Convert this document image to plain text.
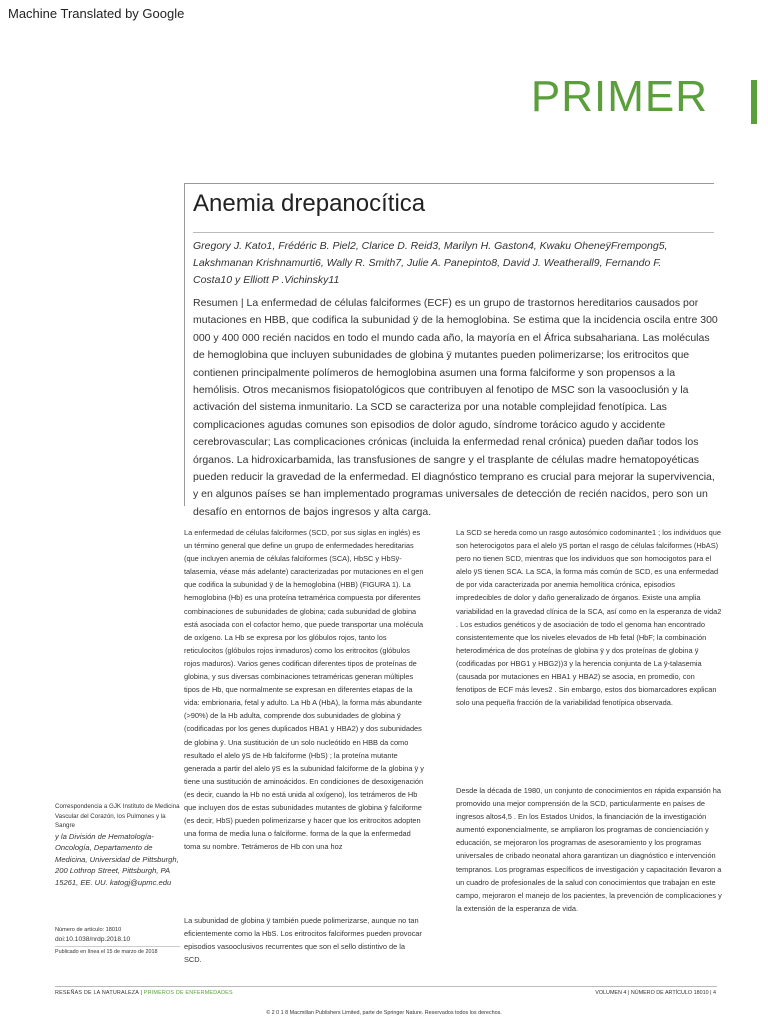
Machine Translated by Google
PRIMER
Anemia drepanocítica
Gregory J. Kato1, Frédéric B. Piel2, Clarice D. Reid3, Marilyn H. Gaston4, Kwaku OheneÿFrempong5, Lakshmanan Krishnamurti6, Wally R. Smith7, Julie A. Panepinto8, David J. Weatherall9, Fernando F. Costa10 y Elliott P .Vichinsky11
Resumen | La enfermedad de células falciformes (ECF) es un grupo de trastornos hereditarios causados por mutaciones en HBB, que codifica la subunidad ÿ de la hemoglobina. Se estima que la incidencia oscila entre 300 000 y 400 000 recién nacidos en todo el mundo cada año, la mayoría en el África subsahariana. Las moléculas de hemoglobina que incluyen subunidades de globina ÿ mutantes pueden polimerizarse; los eritrocitos que contienen principalmente polímeros de hemoglobina asumen una forma falciforme y son propensos a la hemólisis. Otros mecanismos fisiopatológicos que contribuyen al fenotipo de MSC son la vasooclusión y la activación del sistema inmunitario. La SCD se caracteriza por una notable complejidad fenotípica. Las complicaciones agudas comunes son episodios de dolor agudo, síndrome torácico agudo y accidente cerebrovascular; Las complicaciones crónicas (incluida la enfermedad renal crónica) pueden dañar todos los órganos. La hidroxicarbamida, las transfusiones de sangre y el trasplante de células madre hematopoyéticas pueden reducir la gravedad de la enfermedad. El diagnóstico temprano es crucial para mejorar la supervivencia, y en algunos países se han implementado programas universales de detección de recién nacidos, pero son un desafío en entornos de bajos ingresos y alta carga.

La enfermedad de células falciformes (SCD, por sus siglas en inglés) es un término general que define un grupo de enfermedades hereditarias (que incluyen anemia de células falciformes (SCA), HbSC y HbSÿ-talasemia, véase más adelante) caracterizadas por mutaciones en el gen que codifica la subunidad ÿ de la hemoglobina (HBB) (FIGURA 1). La hemoglobina (Hb) es una proteína tetramérica compuesta por diferentes combinaciones de subunidades de globina; cada subunidad de globina está asociada con el cofactor hemo, que puede transportar una molécula de oxígeno. La Hb se expresa por los glóbulos rojos, tanto los reticulocitos (glóbulos rojos inmaduros) como los eritrocitos (glóbulos rojos maduros). Varios genes codifican diferentes tipos de proteínas de globina, y sus diversas combinaciones tetraméricas generan múltiples tipos de Hb, que normalmente se expresan en diferentes etapas de la vida: embrionaria, fetal y adulto. La Hb A (HbA), la forma más abundante (>90%) de la Hb adulta, comprende dos subunidades de globina ÿ (codificadas por los genes duplicados HBA1 y HBA2) y dos subunidades de globina ÿ. Una sustitución de un solo nucleótido en HBB da como resultado el alelo ÿS de Hb falciforme (HbS) ; la proteína mutante generada a partir del alelo ÿS es la subunidad falciforme de la globina ÿ y tiene una sustitución de aminoácidos. En condiciones de desoxigenación (es decir, cuando la Hb no está unida al oxígeno), los tetrámeros de Hb que incluyen dos de estas subunidades mutantes de globina ÿ falciforme (es decir, HbS) pueden polimerizarse y hacer que los eritrocitos adopten una forma de media luna o falciforme. forma de la que la enfermedad toma su nombre. Tetrámeros de Hb con una hoz

La subunidad de globina ÿ también puede polimerizarse, aunque no tan eficientemente como la HbS. Los eritrocitos falciformes pueden provocar episodios vasooclusivos recurrentes que son el sello distintivo de la SCD.

La SCD se hereda como un rasgo autosómico codominante1 ; los individuos que son heterocigotos para el alelo ÿS portan el rasgo de células falciformes (HbAS) pero no tienen SCD, mientras que los individuos que son homocigotos para el alelo ÿS tienen SCA. La SCA, la forma más común de SCD, es una enfermedad de por vida caracterizada por anemia hemolítica crónica, episodios impredecibles de dolor y daño generalizado de órganos. Existe una amplia variabilidad en la gravedad clínica de la SCA, así como en la esperanza de vida2 . Los estudios genéticos y de asociación de todo el genoma han encontrado consistentemente que los niveles elevados de Hb fetal (HbF; la combinación heterodimérica de dos proteínas de globina ÿ y dos proteínas de globina ÿ (codificadas por HBG1 y HBG2))3 y la herencia conjunta de La ÿ-talasemia (causada por mutaciones en HBA1 y HBA2) se asocia, en promedio, con fenotipos de ECF más leves2 . Sin embargo, estos dos biomarcadores explican solo una pequeña fracción de la variabilidad fenotípica observada.

Desde la década de 1980, un conjunto de conocimientos en rápida expansión ha promovido una mejor comprensión de la SCD, particularmente en países de ingresos altos4,5 . En los Estados Unidos, la financiación de la investigación aumentó exponencialmente, se ampliaron los programas de concienciación y educación, se mejoraron los programas de asesoramiento y los programas universales de cribado neonatal ahora garantizan un diagnóstico e intervención tempranos. Los programas específicos de investigación y capacitación llevaron a un cuadro de profesionales de la salud con conocimientos que trabajan en este campo, mejoraron el manejo de los pacientes, la prevención de complicaciones y la extensión de la esperanza de vida.

Correspondencia a GJK Instituto de Medicina Vascular del Corazón, los Pulmones y la Sangre
y la División de Hematología-Oncología, Departamento de Medicina, Universidad de Pittsburgh, 200 Lothrop Street, Pittsburgh, PA 15261, EE. UU. katogj@upmc.edu
Número de artículo: 18010
doi:10.1038/nrdp.2018.10
Publicado en línea el 15 de marzo de 2018
RESEÑAS DE LA NATURALEZA | PRIMEROS DE ENFERMEDADES	VOLUMEN 4 | NÚMERO DE ARTÍCULO 18010 | 4
© 2 0 1 8 Macmillan Publishers Limited, parte de Springer Nature. Reservados todos los derechos.
